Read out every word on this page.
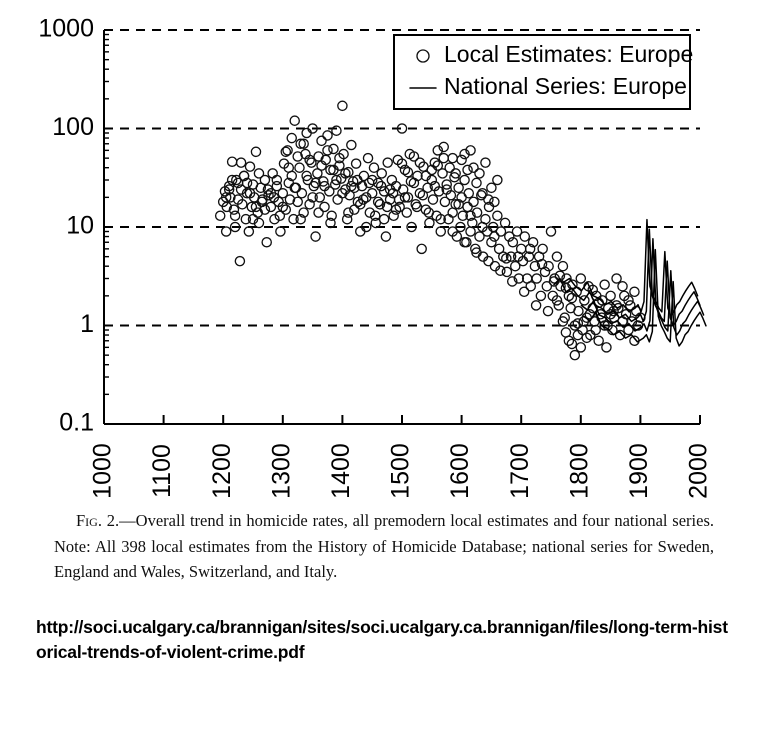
0.1
1
10
100
1000
1000 1100 1200 1300 1400 1500 1600 1700 1800 1900 2000
Local Estimates: Europe
National Series: Europe
Fig. 2.—Overall trend in homicide rates, all premodern local estimates and four national series. Note: All 398 local estimates from the History of Homicide Database; national series for Sweden, England and Wales, Switzerland, and Italy.
http://soci.ucalgary.ca/brannigan/sites/soci.ucalgary.ca.brannigan/files/long-term-historical-trends-of-violent-crime.pdf
